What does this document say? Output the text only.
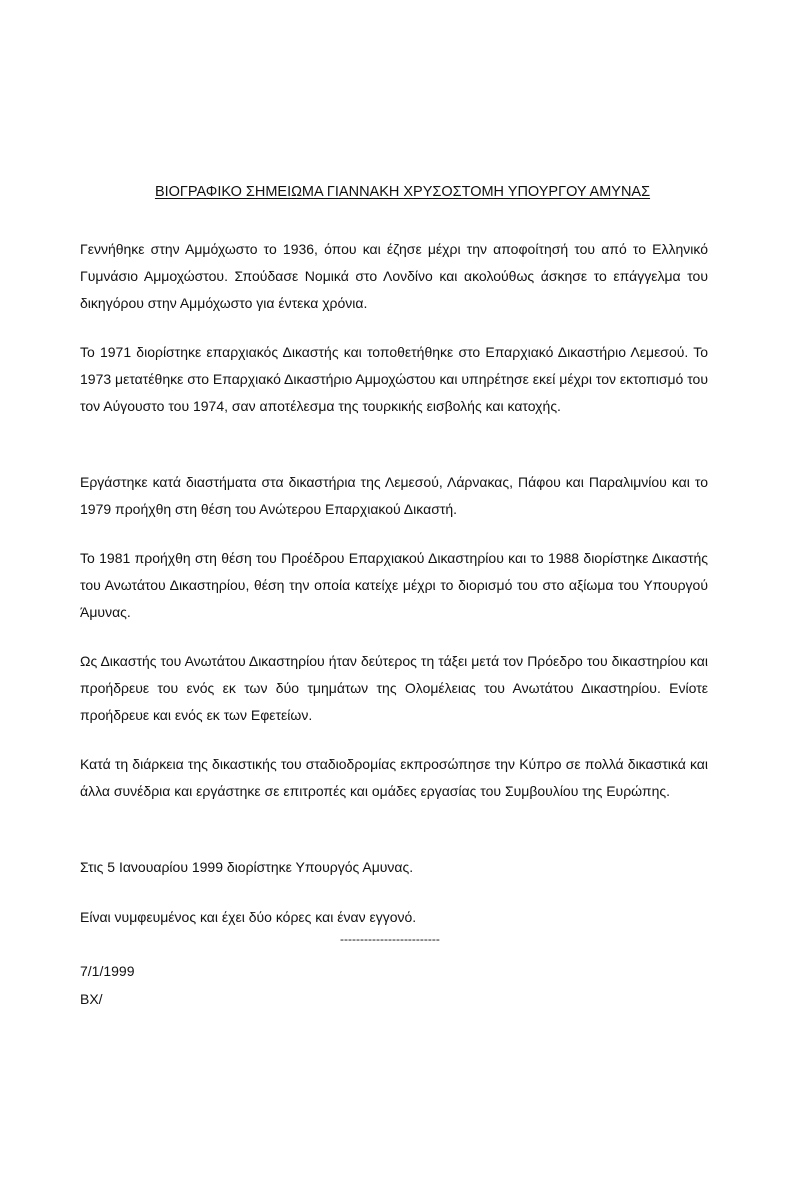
ΒΙΟΓΡΑΦΙΚΟ ΣΗΜΕΙΩΜΑ ΓΙΑΝΝΑΚΗ ΧΡΥΣΟΣΤΟΜΗ ΥΠΟΥΡΓΟΥ ΑΜΥΝΑΣ
Γεννήθηκε στην Αμμόχωστο το 1936, όπου και έζησε μέχρι την αποφοίτησή του από το Ελληνικό Γυμνάσιο Αμμοχώστου. Σπούδασε Νομικά στο Λονδίνο και ακολούθως άσκησε το επάγγελμα του δικηγόρου στην Αμμόχωστο για έντεκα χρόνια.
Το 1971 διορίστηκε επαρχιακός Δικαστής και τοποθετήθηκε στο Επαρχιακό Δικαστήριο Λεμεσού. Το 1973 μετατέθηκε στο Επαρχιακό Δικαστήριο Αμμοχώστου και υπηρέτησε εκεί μέχρι τον εκτοπισμό του τον Αύγουστο του 1974, σαν αποτέλεσμα της τουρκικής εισβολής και κατοχής.
Εργάστηκε κατά διαστήματα στα δικαστήρια της Λεμεσού, Λάρνακας, Πάφου και Παραλιμνίου και το 1979 προήχθη στη θέση του Ανώτερου Επαρχιακού Δικαστή.
Το 1981 προήχθη στη θέση του Προέδρου Επαρχιακού Δικαστηρίου και το 1988 διορίστηκε Δικαστής του Ανωτάτου Δικαστηρίου, θέση την οποία κατείχε μέχρι το διορισμό του στο αξίωμα του Υπουργού Άμυνας.
Ως Δικαστής του Ανωτάτου Δικαστηρίου ήταν δεύτερος τη τάξει μετά τον Πρόεδρο του δικαστηρίου και προήδρευε του ενός εκ των δύο τμημάτων της Ολομέλειας του Ανωτάτου Δικαστηρίου. Ενίοτε προήδρευε και ενός εκ των Εφετείων.
Κατά τη διάρκεια της δικαστικής του σταδιοδρομίας εκπροσώπησε την Κύπρο σε πολλά δικαστικά και άλλα συνέδρια και εργάστηκε σε επιτροπές και ομάδες εργασίας του Συμβουλίου της Ευρώπης.
Στις 5 Ιανουαρίου 1999 διορίστηκε Υπουργός Αμυνας.
Είναι νυμφευμένος και έχει δύο κόρες και έναν εγγονό.
-------------------------
7/1/1999
ΒΧ/
